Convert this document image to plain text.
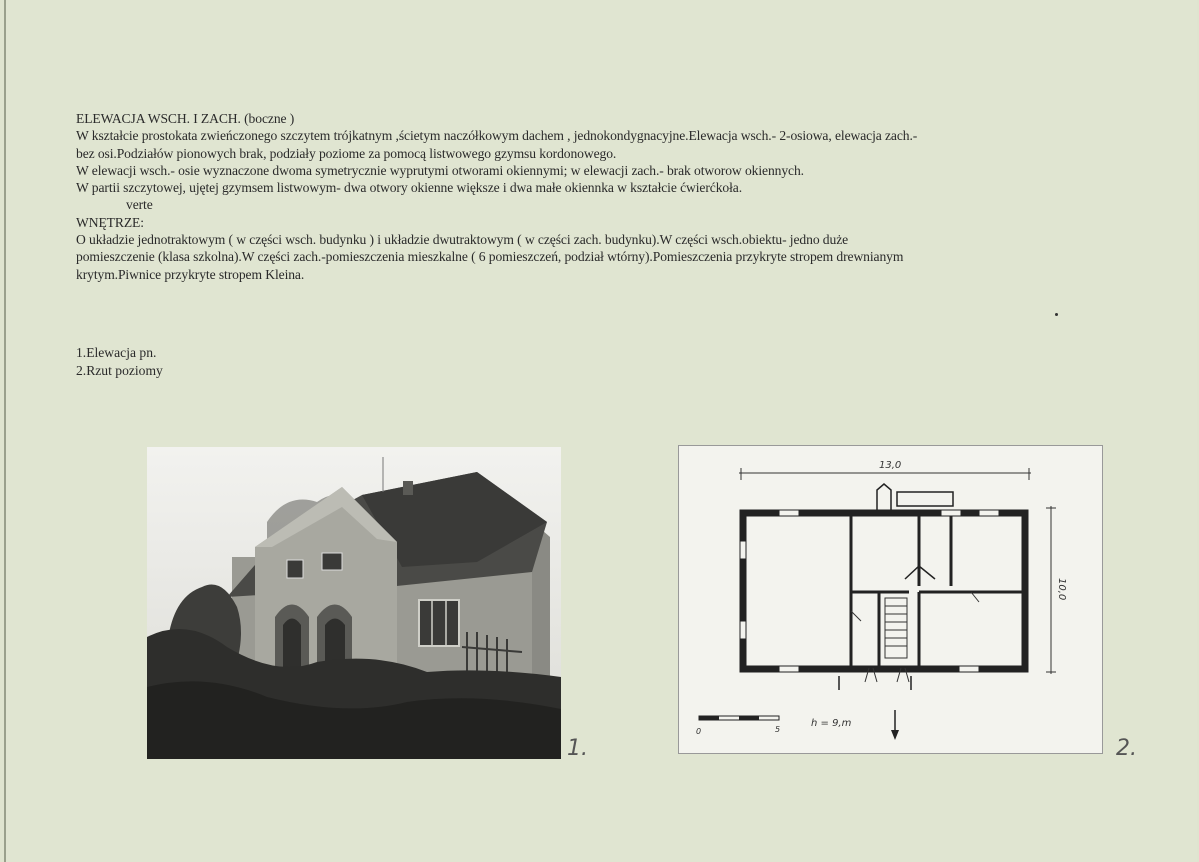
ELEWACJA WSCH. I ZACH. (boczne )
W kształcie prostokata zwieńczonego szczytem trójkatnym ,ścietym naczółkowym dachem , jednokondygnacyjne.Elewacja wsch.- 2-osiowa, elewacja zach.-
bez osi.Podziałów pionowych brak, podziały poziome za pomocą listwowego gzymsu kordonowego.
W elewacji wsch.- osie wyznaczone dwoma symetrycznie wyprutymi otworami okiennymi; w elewacji zach.- brak otworow okiennych.
W partii szczytowej, ujętej gzymsem listwowym- dwa otwory okienne większe i dwa małe okiennka w kształcie ćwierćkoła.
verte
WNĘTRZE:
O układzie jednotraktowym ( w części wsch. budynku ) i układzie dwutraktowym ( w części zach. budynku).W części wsch.obiektu- jedno duże
pomieszczenie (klasa szkolna).W części zach.-pomieszczenia mieszkalne ( 6 pomieszczeń, podział wtórny).Pomieszczenia przykryte stropem drewnianym
krytym.Piwnice przykryte stropem Kleina.
1.Elewacja pn.
2.Rzut poziomy
13,0
10,0
0	5
h = 9,m
1.	2.
